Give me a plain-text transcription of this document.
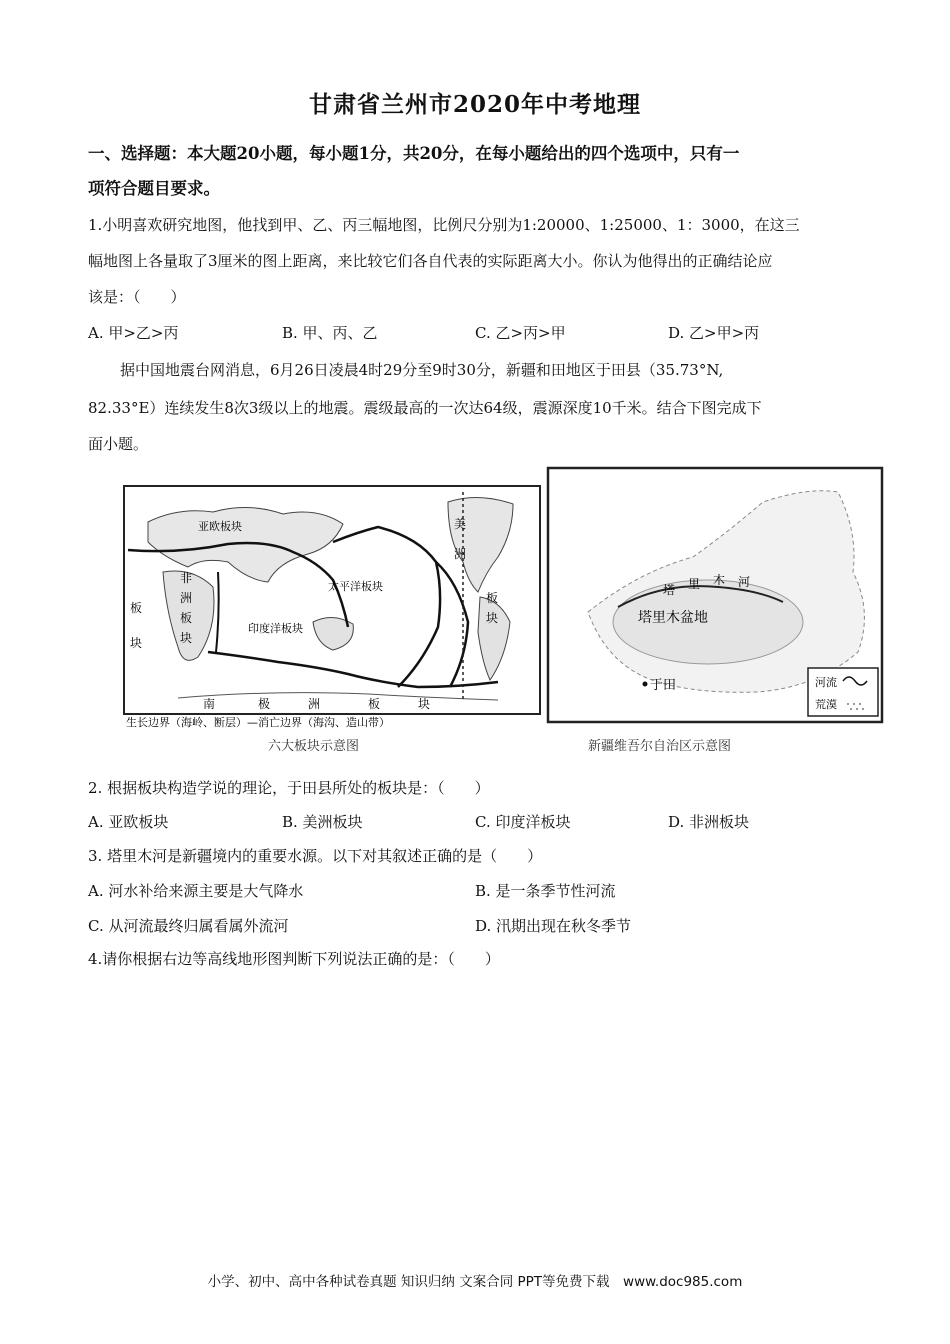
甘肃省兰州市2020年中考地理
一、选择题：本大题20小题，每小题1分，共20分，在每小题给出的四个选项中，只有一
项符合题目要求。
1.小明喜欢研究地图，他找到甲、乙、丙三幅地图，比例尺分别为1:20000、1:25000、1：3000，在这三
幅地图上各量取了3厘米的图上距离，来比较它们各自代表的实际距离大小。你认为他得出的正确结论应
该是：（　　）
A. 甲>乙>丙	B. 甲、丙、乙	C. 乙>丙>甲	D. 乙>甲>丙
据中国地震台网消息，6月26日凌晨4时29分至9时30分，新疆和田地区于田县（35.73°N,
82.33°E）连续发生8次3级以上的地震。震级最高的一次达64级，震源深度10千米。结合下图完成下
面小题。
亚欧板块
太平洋板块
印度洋板块
非
洲
板
块
美
洲
板
块
板
块
南	极	洲	板	块
生长边界（海岭、断层）—消亡边界（海沟、造山带）
六大板块示意图
塔 里 木 河
塔里木盆地
于田	河流
荒漠
新疆维吾尔自治区示意图
2. 根据板块构造学说的理论，于田县所处的板块是：（　　）
A. 亚欧板块	B. 美洲板块	C. 印度洋板块	D. 非洲板块
3. 塔里木河是新疆境内的重要水源。以下对其叙述正确的是（　　）
A. 河水补给来源主要是大气降水	B. 是一条季节性河流
C. 从河流最终归属看属外流河	D. 汛期出现在秋冬季节
4.请你根据右边等高线地形图判断下列说法正确的是：（　　）
小学、初中、高中各种试卷真题 知识归纳 文案合同 PPT等免费下载　www.doc985.com
